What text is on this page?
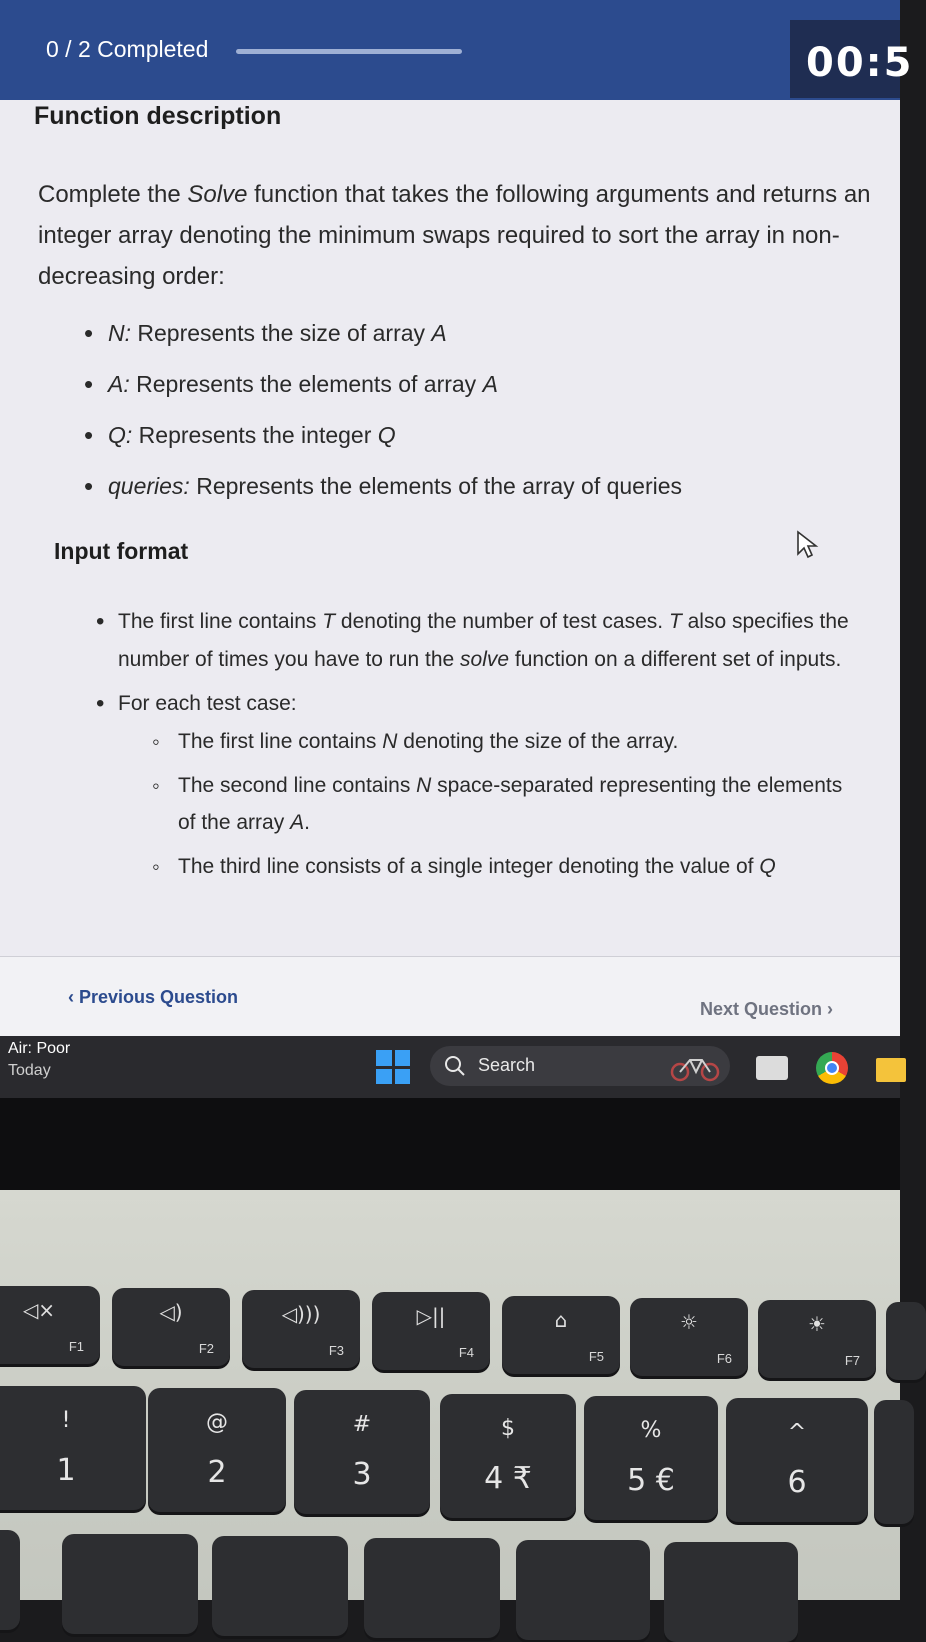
0 / 2 Completed	00:5
Function description

Complete the Solve function that takes the following arguments and returns an integer array denoting the minimum swaps required to sort the array in non-decreasing order:

• N: Represents the size of array A
• A: Represents the elements of array A
• Q: Represents the integer Q
• queries: Represents the elements of the array of queries
Input format
• The first line contains T denoting the number of test cases. T also specifies the number of times you have to run the solve function on a different set of inputs.
• For each test case:
◦ The first line contains N denoting the size of the array.
◦ The second line contains N space-separated representing the elements of the array A.
◦ The third line consists of a single integer denoting the value of Q
‹ Previous Question
Next Question ›
Air: Poor
Today	Search
◁×
F1
◁)
F2
◁)))
F3
▷||
F4
⌂
F5
☼
F6
☀
F7
!
1
@
2
#
3
$
4 ₹
%
5 €
^
6
